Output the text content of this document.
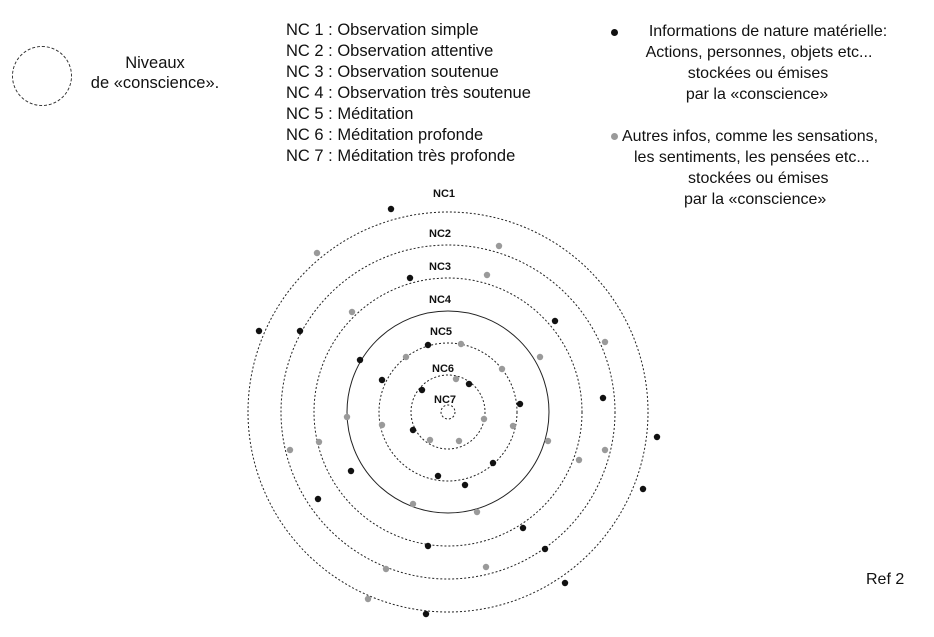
Niveaux
de «conscience».
NC 1 : Observation simple
NC 2 : Observation attentive
NC 3 : Observation soutenue
NC 4 : Observation très soutenue
NC 5 : Méditation
NC 6 : Méditation profonde
NC 7 : Méditation très profonde
Informations de nature matérielle:
Actions, personnes, objets etc...
stockées ou émises
par la «conscience»
Autres infos, comme les sensations,
les sentiments, les pensées etc...
stockées ou émises
par la «conscience»
NC1
NC2
NC3
NC4
NC5
NC6
NC7
Ref 2
